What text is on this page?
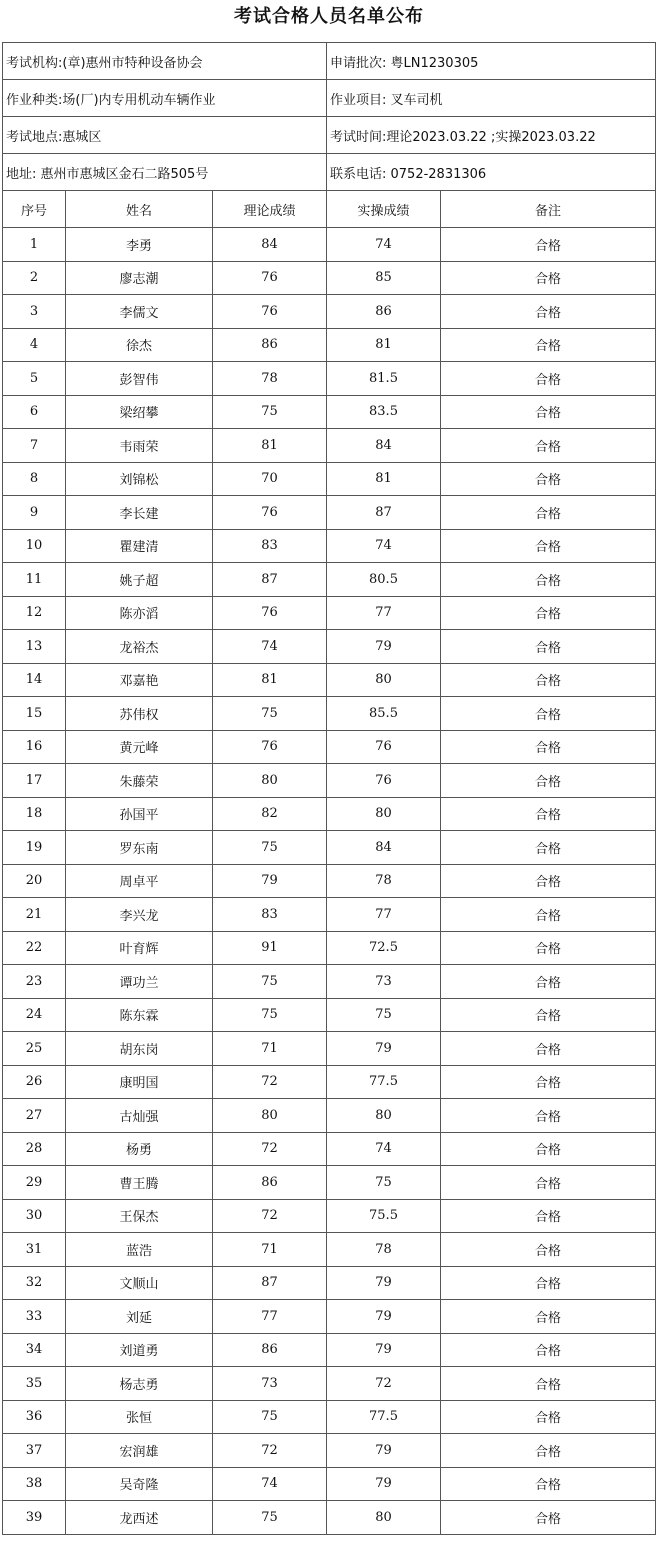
考试合格人员名单公布
考试机构:(章)惠州市特种设备协会			申请批次: 粤LN1230305	
作业种类:场(厂)内专用机动车辆作业			作业项目: 叉车司机	
考试地点:惠城区			考试时间:理论2023.03.22 ;实操2023.03.22	
地址: 惠州市惠城区金石二路505号			联系电话: 0752-2831306	
序号	姓名	理论成绩	实操成绩	备注
1	李勇	84	74	合格
2	廖志潮	76	85	合格
3	李儒文	76	86	合格
4	徐杰	86	81	合格
5	彭智伟	78	81.5	合格
6	梁绍攀	75	83.5	合格
7	韦雨荣	81	84	合格
8	刘锦松	70	81	合格
9	李长建	76	87	合格
10	瞿建清	83	74	合格
11	姚子超	87	80.5	合格
12	陈亦滔	76	77	合格
13	龙裕杰	74	79	合格
14	邓嘉艳	81	80	合格
15	苏伟权	75	85.5	合格
16	黄元峰	76	76	合格
17	朱藤荣	80	76	合格
18	孙国平	82	80	合格
19	罗东南	75	84	合格
20	周卓平	79	78	合格
21	李兴龙	83	77	合格
22	叶育辉	91	72.5	合格
23	谭功兰	75	73	合格
24	陈东霖	75	75	合格
25	胡东岗	71	79	合格
26	康明国	72	77.5	合格
27	古灿强	80	80	合格
28	杨勇	72	74	合格
29	曹王腾	86	75	合格
30	王保杰	72	75.5	合格
31	蓝浩	71	78	合格
32	文顺山	87	79	合格
33	刘延	77	79	合格
34	刘道勇	86	79	合格
35	杨志勇	73	72	合格
36	张恒	75	77.5	合格
37	宏润雄	72	79	合格
38	吴奇隆	74	79	合格
39	龙西述	75	80	合格
